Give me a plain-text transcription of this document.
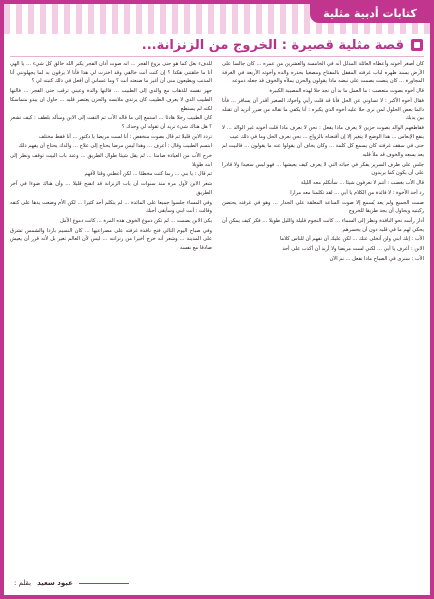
كتابات أدبية مثلية
قصة مثلية قصيرة : الخروج من الزنزانة...

كان أصغر أخوته وأعطاه العائلة المدلل أنه في الخامسة والعشرين من عمره ... كان جالسا على الأرض يسند ظهره لباب غرفته المقفل بالمفتاح ومصغيا بحذره والده وأخوته الأربعة في الغرفة المجاورة ... كان ينصت بصمت على نبضه ماذا يقولون والحزن يملأه والخوف قد جعله دموعه

قال أخوه بصوت متعصب : ما العمل ما بد أن نجد حلا لهذه المصيبة الكبيرة

فقال أخوه الأكبر : لا تساوني عن الحل فأنا قد قلت رأيي وأخوك الصغير أقدر أن يسافر ... فأنا دائما بعض الحلول لمن نرى حلا عليه أخوه الذي يكبره : أنا يكفي ما تقاله من ضرر أتريد أن تقتله بين يديك

فقاطعهم الوالد بصوت حزين لا يعرف ماذا يفعل : نحن لا نعرف ماذا قلت أخوته غير الوالد ... لا ينفع الإنعاس ... هذا الوضع لا يتغير إلا إن أقنعناه بالزواج ... نحن نعرف الحل وما في ذلك عيب

حتى في سقف غرفته كان يسمع كل كلمة ... وكان يخاف أن يقولوا عنه ما يقولون ... فالبيت لم يعد يسعه والخوف قد ملأ قلبه

جلس على طرف السرير يفكر في حياته التي لا يعرف كيف يعيشها ... فهو ليس سعيدا ولا قادرا على أن يكون كما يريدون

قال الأب بغضب : أنتم لا تعرفون شيئا ... سأتكلم معه الليلة

رد أحد الأخوة : لا فائدة من الكلام يا أبي ... لقد تكلمنا معه مرارا

صمت الجميع ولم يعد يُسمع إلا صوت الساعة المعلقة على الجدار ... وهو في غرفته يحتضن ركبتيه ويحاول أن يجد طريقا للخروج

أدار رأسه نحو النافذة ونظر إلى السماء ... كانت النجوم قليلة والليل طويلا ... فكر كيف يمكن أن يحكي لهم ما في قلبه دون أن يخسرهم

الأب : إنك ابني ولن أتخلى عنك ... لكن عليك أن تفهم أن للناس كلاما

الابن : أعرف يا أبي ... لكني لست مريضا ولا أريد أن أكذب على أحد

الأب : سنرى في الصباح ماذا نفعل ... نم الآن

للدفء بغل كما هو حتى بزوغ الفجر ... انه صوت آذان الفجر يكبر الله خالق كل شيء ... يا الهي أنا ما خلقتني هكذا ؟ إن كنت أنت خالقي وقد اخترت لي هذا فأنا لا يرقون به لما يجهلونني أنا المذنب ويطيعون منى أن أغير ما صنعته أنت ؟ وما عساني أن أفعل في ذلك كتبته لي ؟

جهز نفسه للذهاب مع والدي إلى الطبيب ... فالتها والدة وعيني ترقب حتى الفجر ... فالتها الطبيب الذي لا يعرف الطبيب كان يرتدي ملابسه والحزن يعتصر قلبه ... حاول ان يبدو متماسكا لكنه لم يستطع

كان الطبيب رجلا هادئا ... استمع إلى ما قاله الأب ثم التفت إلى الابن وسأله بلطف : كيف تشعر ؟ هل هناك شيء تريد أن تقوله لي وحدك ؟

تردد الابن قليلا ثم قال بصوت منخفض : أنا لست مريضا يا دكتور ... أنا فقط مختلف

ابتسم الطبيب وقال : أعرف ... وهذا ليس مرضا يحتاج إلى علاج ... والدك يحتاج أن يفهم ذلك

خرج الأب من العيادة صامتا ... لم يقل شيئا طوال الطريق ... وعند باب البيت توقف ونظر إلى ابنه طويلا

ثم قال : يا بني ... ربما كنت مخطئا ... لكن أعطني وقتا لأفهم

شعر الابن لأول مرة منذ سنوات أن باب الزنزانة قد انفتح قليلا ... وأن هناك ضوءا في آخر الطريق

وفي المساء جلسوا جميعا على المائدة ... لم يتكلم أحد كثيرا ... لكن الأم وضعت يدها على كتفه وقالت : أنت ابني وسأبقى أحبك

بكى الابن بصمت ... لم تكن دموع الخوف هذه المرة ... كانت دموع الأمل

وفي صباح اليوم التالي فتح نافذة غرفته على مصراعيها ... كان النسيم باردا والشمس تشرق على المدينة ... وشعر أنه خرج أخيرا من زنزانته ... ليس لأن العالم تغير بل لأنه قرر أن يعيش صادقا مع نفسه

بقلم : عبود سعيد
